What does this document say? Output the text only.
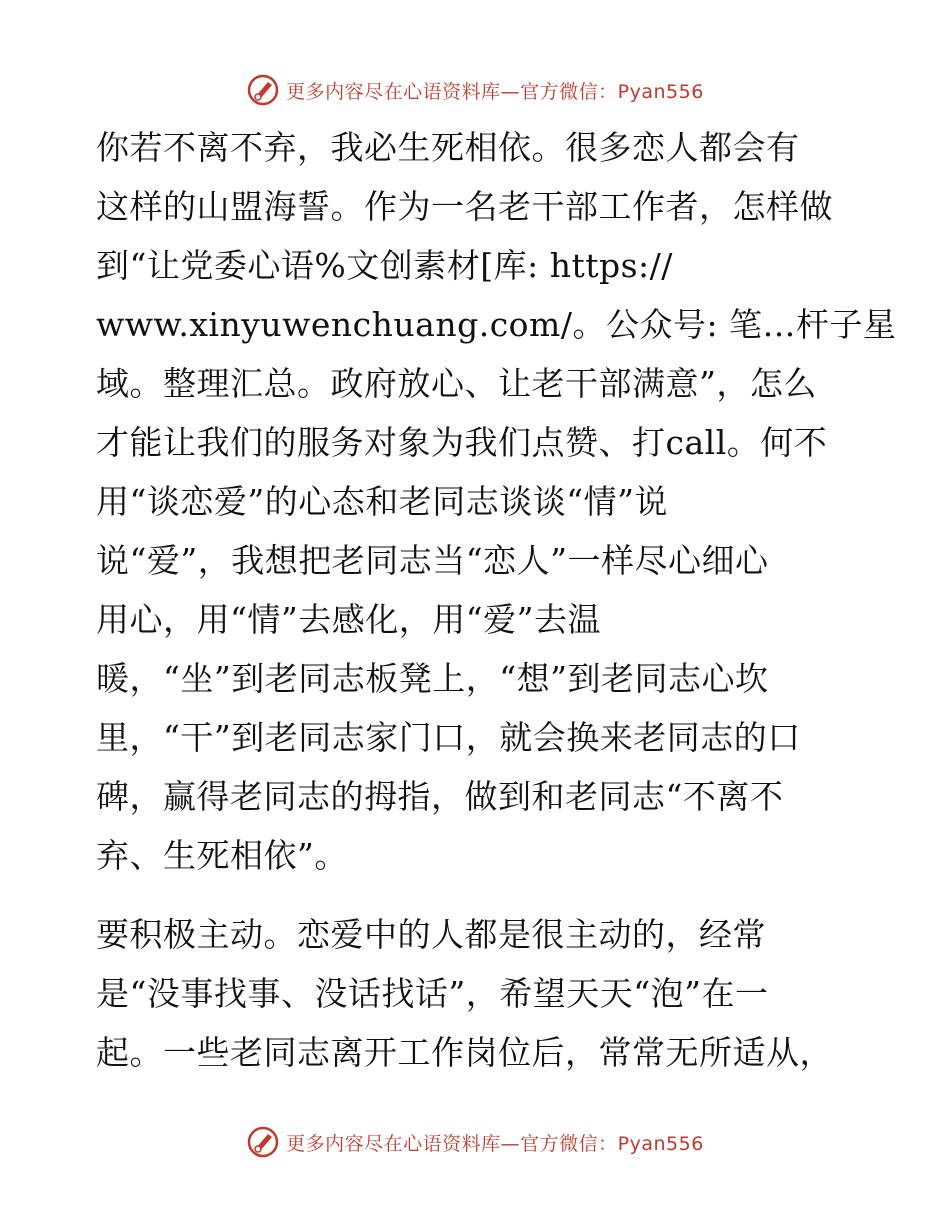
更多内容尽在心语资料库—官方微信：Pyan556
你若不离不弃，我必生死相依。很多恋人都会有
这样的山盟海誓。作为一名老干部工作者，怎样做
到“让党委心语%文创素材[库: https://
www.xinyuwenchuang.com/。公众号: 笔…杆子星
域。整理汇总。政府放心、让老干部满意”，怎么
才能让我们的服务对象为我们点赞、打call。何不
用“谈恋爱”的心态和老同志谈谈“情”说
说“爱”，我想把老同志当“恋人”一样尽心细心
用心，用“情”去感化，用“爱”去温
暖，“坐”到老同志板凳上，“想”到老同志心坎
里，“干”到老同志家门口，就会换来老同志的口
碑，赢得老同志的拇指，做到和老同志“不离不
弃、生死相依”。
要积极主动。恋爱中的人都是很主动的，经常
是“没事找事、没话找话”，希望天天“泡”在一
起。一些老同志离开工作岗位后，常常无所适从，
更多内容尽在心语资料库—官方微信：Pyan556
